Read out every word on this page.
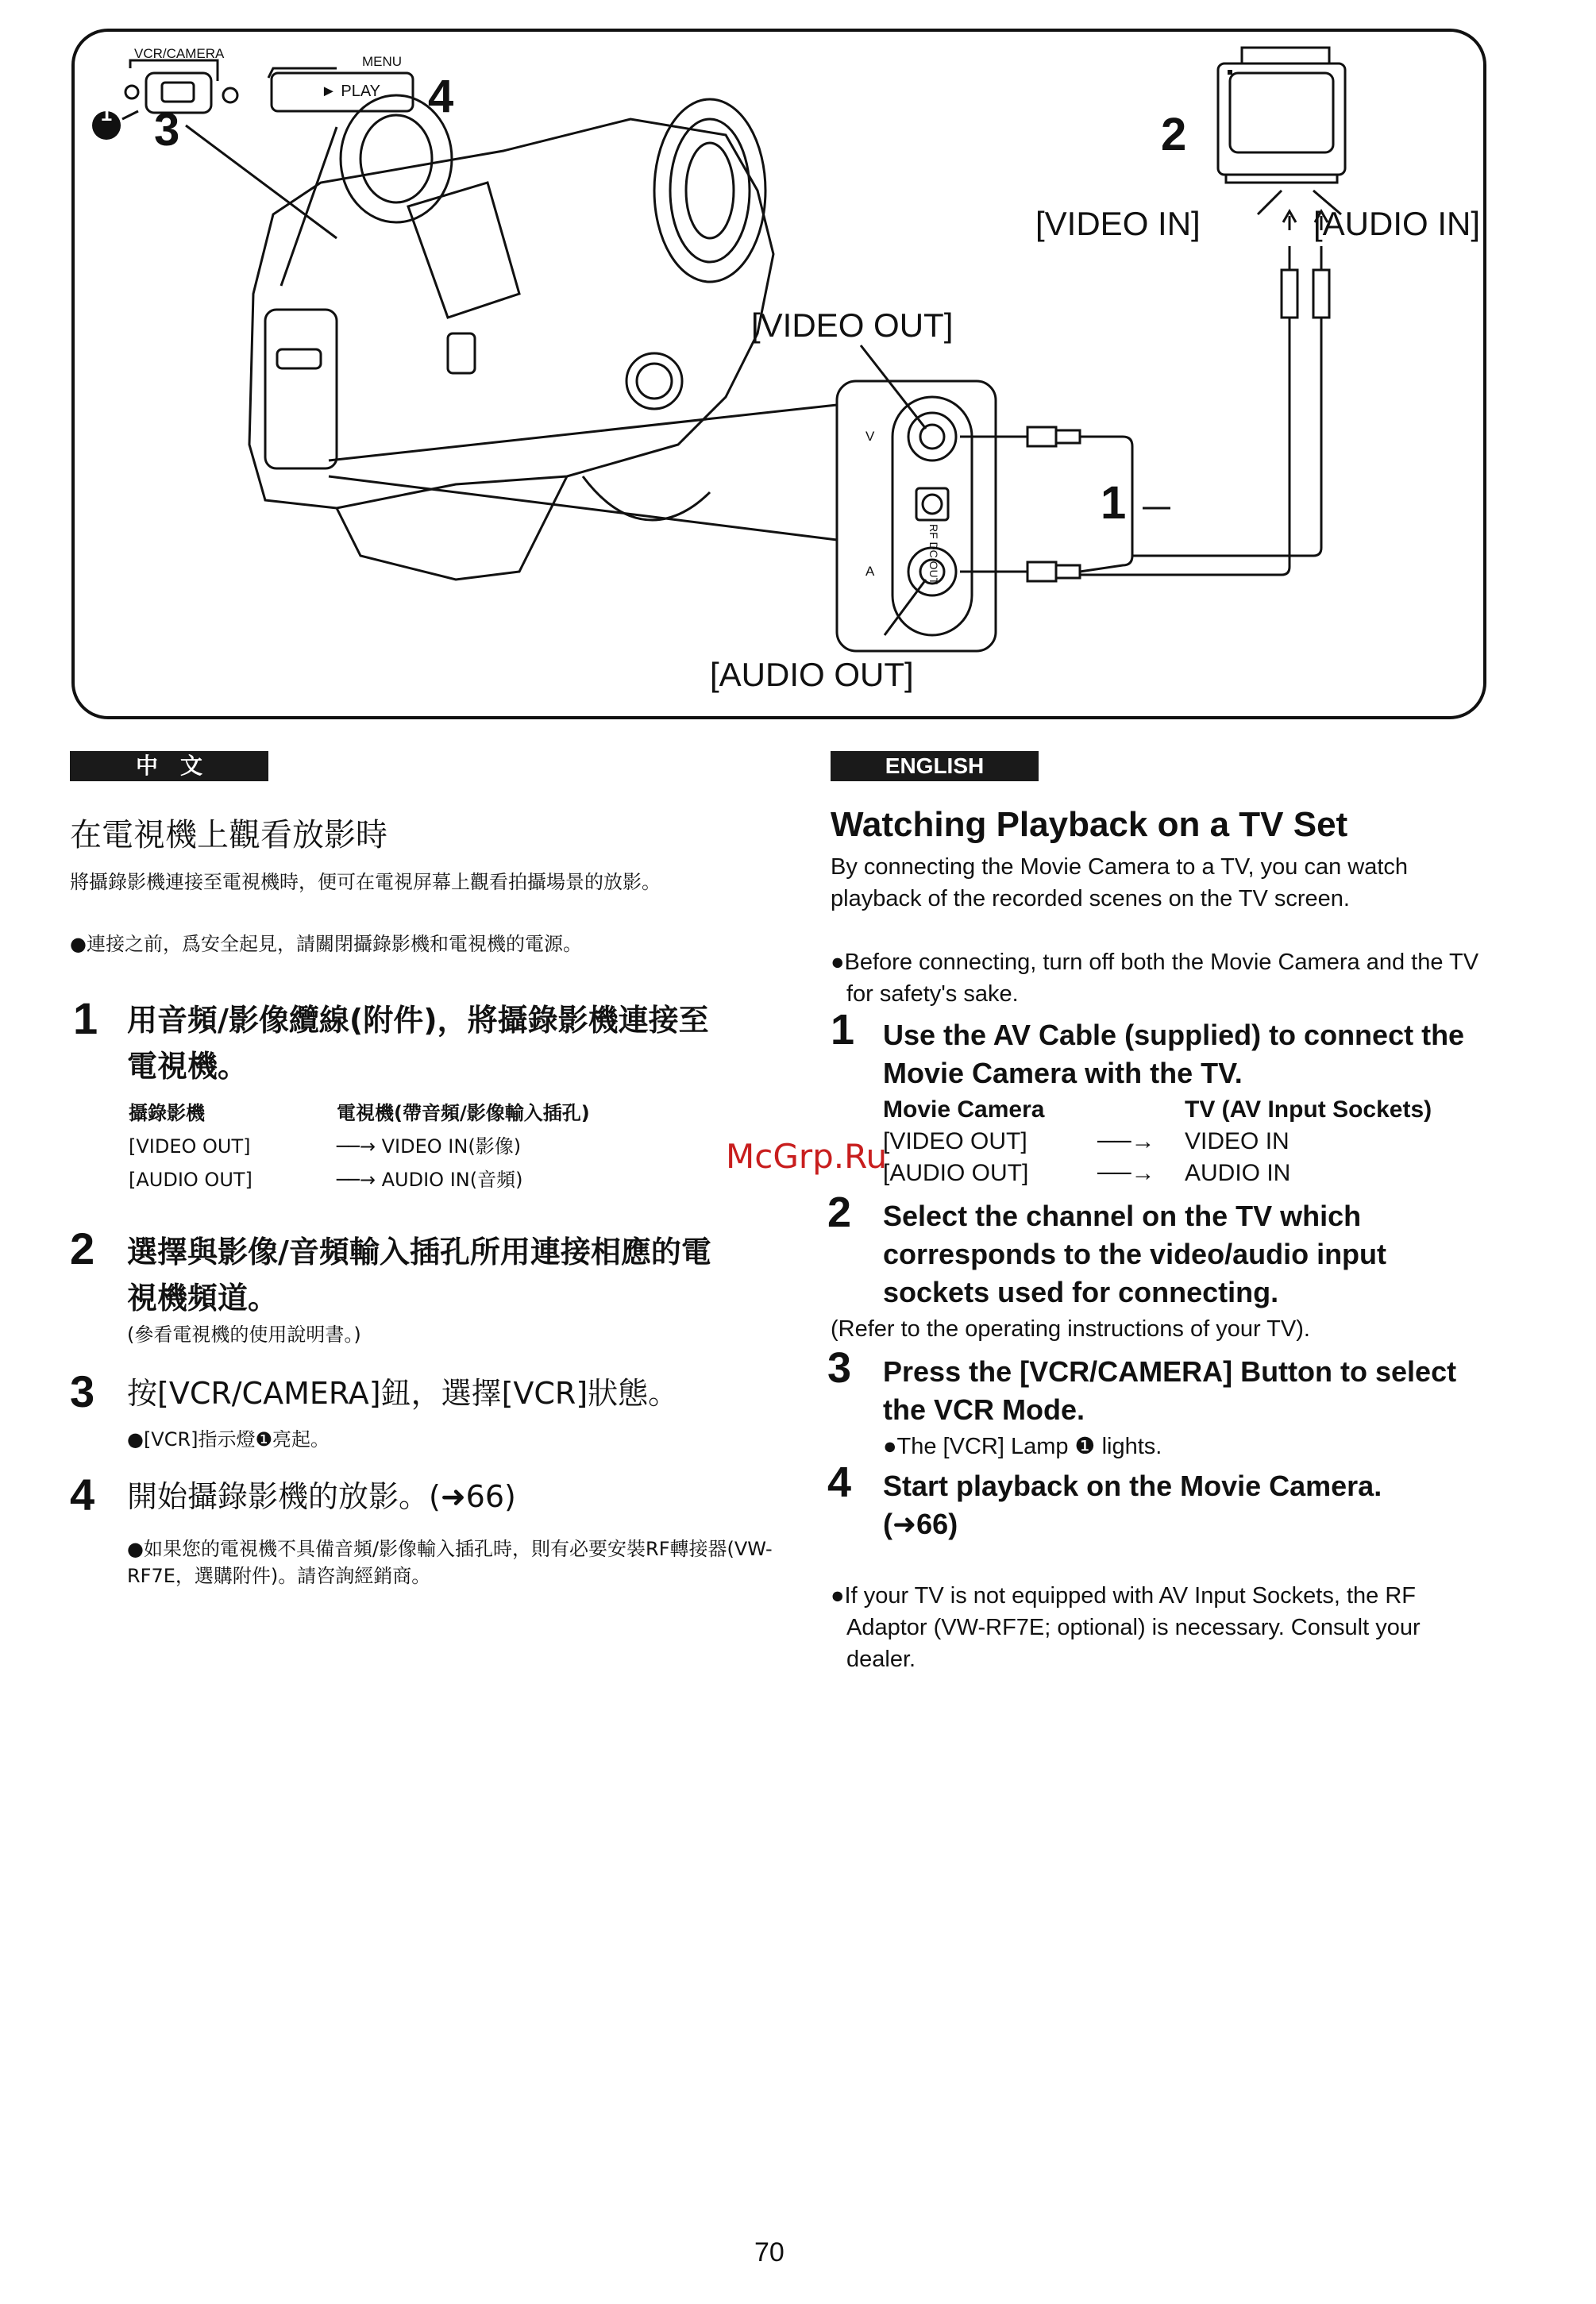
1 3
4
2
1
VCR/CAMERA
MENU
► PLAY
[VIDEO IN]	[AUDIO IN]
[VIDEO OUT]
[AUDIO OUT]
V
A	RF DC OUT
中　文
在電視機上觀看放影時
將攝錄影機連接至電視機時，便可在電視屏幕上觀看拍攝場景的放影。
●連接之前，爲安全起見，請關閉攝錄影機和電視機的電源。
1 用音頻/影像纜線(附件)，將攝錄影機連接至電視機。
攝錄影機	電視機(帶音頻/影像輸入插孔)
[VIDEO OUT]	──→ VIDEO IN(影像)
[AUDIO OUT]	──→ AUDIO IN(音頻)
2 選擇與影像/音頻輸入插孔所用連接相應的電視機頻道。
(參看電視機的使用說明書。)
3 按[VCR/CAMERA]鈕，選擇[VCR]狀態。
●[VCR]指示燈❶亮起。
4 開始攝錄影機的放影。(➜66)
●如果您的電視機不具備音頻/影像輸入插孔時，則有必要安裝RF轉接器(VW-RF7E，選購附件)。請咨詢經銷商。
ENGLISH
Watching Playback on a TV Set
By connecting the Movie Camera to a TV, you can watch playback of the recorded scenes on the TV screen.
●Before connecting, turn off both the Movie Camera and the TV for safety's sake.
1 Use the AV Cable (supplied) to connect the Movie Camera with the TV.
Movie Camera		TV (AV Input Sockets)
[VIDEO OUT]	──→	VIDEO IN
[AUDIO OUT]	──→	AUDIO IN
2 Select the channel on the TV which corresponds to the video/audio input sockets used for connecting.
(Refer to the operating instructions of your TV).
3 Press the [VCR/CAMERA] Button to select the VCR Mode.
●The [VCR] Lamp ❶ lights.
4 Start playback on the Movie Camera. (➜66)
●If your TV is not equipped with AV Input Sockets, the RF Adaptor (VW-RF7E; optional) is necessary. Consult your dealer.
McGrp.Ru
70
